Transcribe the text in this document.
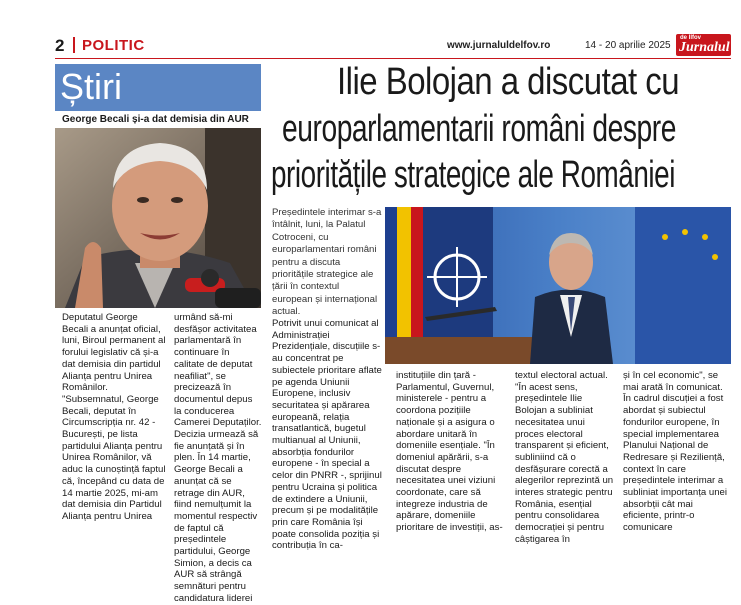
2 POLITIC	www.jurnaluldelfov.ro	14 - 20 aprilie 2025
de Ilfov
Jurnalul
Știri
George Becali și-a dat demisia din AUR
Deputatul George Becali a anunțat oficial, luni, Biroul permanent al forului legislativ că și-a dat demisia din partidul Alianța pentru Unirea Românilor. "Subsemnatul, George Becali, deputat în Circumscripția nr. 42 - București, pe lista partidului Alianța pentru Unirea Românilor, vă aduc la cunoștință faptul că, începând cu data de 14 martie 2025, mi-am dat demisia din Partidul Alianța pentru Unirea
urmând să-mi desfășor activitatea parlamentară în continuare în calitate de deputat neafiliat", se precizează în documentul depus la conducerea Camerei Deputaților. Decizia urmează să fie anunțată și în plen. În 14 martie, George Becali a anunțat că se retrage din AUR, fiind nemulțumit la momentul respectiv de faptul că președintele partidului, George Simion, a decis ca AUR să strângă semnături pentru candidatura liderei
Ilie Bolojan a discutat cu
europarlamentarii români despre
prioritățile strategice ale României
Președintele interimar s-a întâlnit, luni, la Palatul Cotroceni, cu europarlamentari români pentru a discuta prioritățile strategice ale țării în contextul european și internațional actual.
Potrivit unui comunicat al Administrației Prezidențiale, discuțiile s-au concentrat pe subiectele prioritare aflate pe agenda Uniunii Europene, inclusiv securitatea și apărarea europeană, relația transatlantică, bugetul multianual al Uniunii, absorbția fondurilor europene - în special a celor din PNRR -, sprijinul pentru Ucraina și politica de extindere a Uniunii, precum și pe modalitățile prin care România își poate consolida poziția și contribuția în ca-
instituțiile din țară - Parlamentul, Guvernul, ministerele - pentru a coordona pozițiile naționale și a asigura o abordare unitară în domeniile esențiale. "În domeniul apărării, s-a discutat despre necesitatea unei viziuni coordonate, care să integreze industria de apărare, domeniile prioritare de investiții, as-
textul electoral actual. "În acest sens, președintele Ilie Bolojan a subliniat necesitatea unui proces electoral transparent și eficient, subliniind că o desfășurare corectă a alegerilor reprezintă un interes strategic pentru România, esențial pentru consolidarea democrației și pentru câștigarea în
și în cel economic", se mai arată în comunicat. În cadrul discuției a fost abordat și subiectul fondurilor europene, în special implementarea Planului Național de Redresare și Reziliență, context în care președintele interimar a subliniat importanța unei absorbții cât mai eficiente, printr-o comunicare
